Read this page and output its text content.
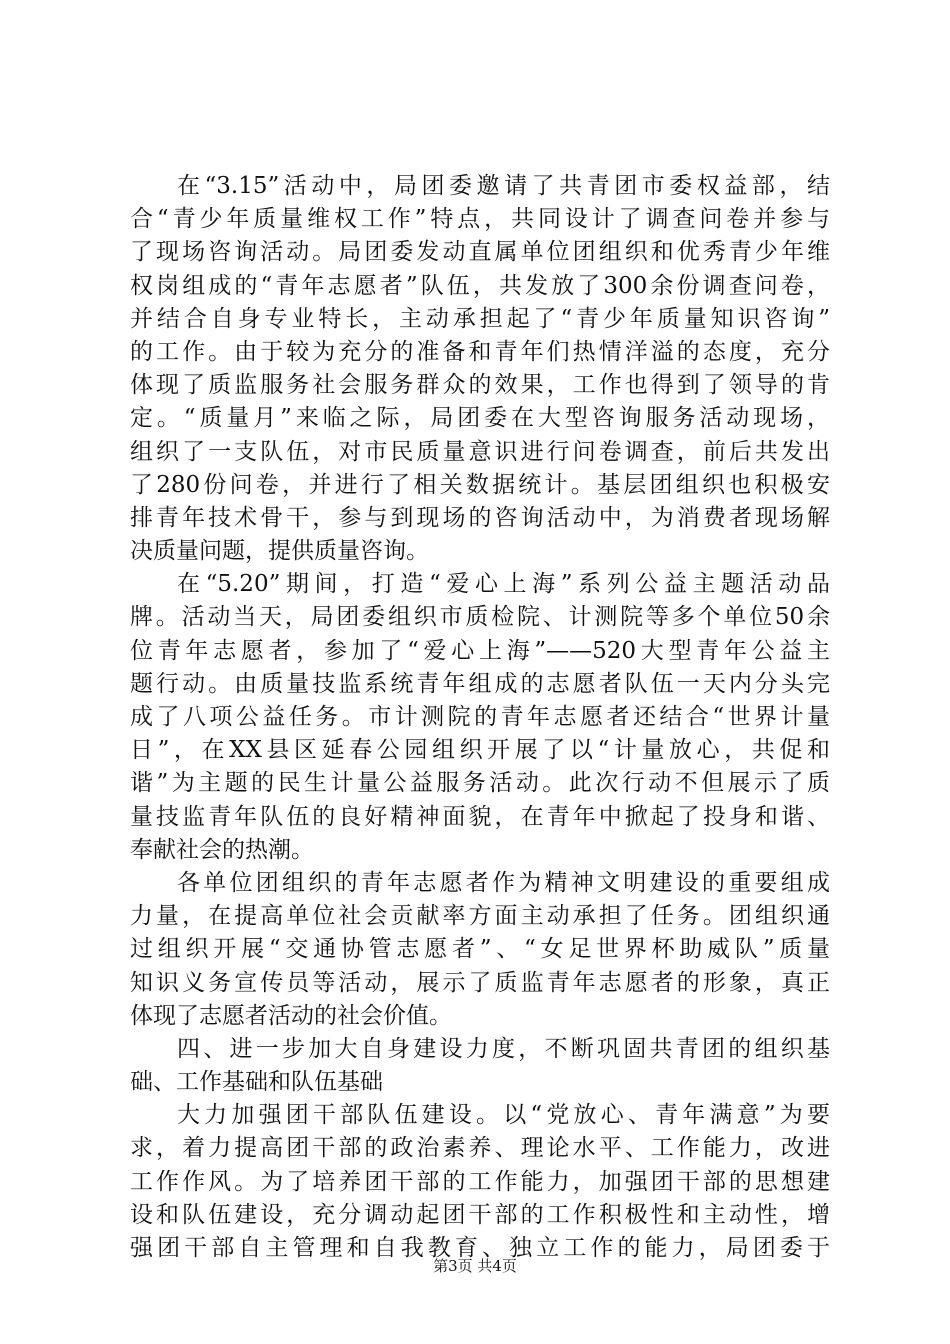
在“3.15”活动中，局团委邀请了共青团市委权益部，结
合“青少年质量维权工作”特点，共同设计了调查问卷并参与
了现场咨询活动。局团委发动直属单位团组织和优秀青少年维
权岗组成的“青年志愿者”队伍，共发放了300余份调查问卷，
并结合自身专业特长，主动承担起了“青少年质量知识咨询”
的工作。由于较为充分的准备和青年们热情洋溢的态度，充分
体现了质监服务社会服务群众的效果，工作也得到了领导的肯
定。“质量月”来临之际，局团委在大型咨询服务活动现场，
组织了一支队伍，对市民质量意识进行问卷调查，前后共发出
了280份问卷，并进行了相关数据统计。基层团组织也积极安
排青年技术骨干，参与到现场的咨询活动中，为消费者现场解
决质量问题，提供质量咨询。
在“5.20”期间，打造“爱心上海”系列公益主题活动品
牌。活动当天，局团委组织市质检院、计测院等多个单位50余
位青年志愿者，参加了“爱心上海”——520大型青年公益主
题行动。由质量技监系统青年组成的志愿者队伍一天内分头完
成了八项公益任务。市计测院的青年志愿者还结合“世界计量
日”，在XX县区延春公园组织开展了以“计量放心，共促和
谐”为主题的民生计量公益服务活动。此次行动不但展示了质
量技监青年队伍的良好精神面貌，在青年中掀起了投身和谐、
奉献社会的热潮。
各单位团组织的青年志愿者作为精神文明建设的重要组成
力量，在提高单位社会贡献率方面主动承担了任务。团组织通
过组织开展“交通协管志愿者”、“女足世界杯助威队”质量
知识义务宣传员等活动，展示了质监青年志愿者的形象，真正
体现了志愿者活动的社会价值。
四、进一步加大自身建设力度，不断巩固共青团的组织基
础、工作基础和队伍基础
大力加强团干部队伍建设。以“党放心、青年满意”为要
求，着力提高团干部的政治素养、理论水平、工作能力，改进
工作作风。为了培养团干部的工作能力，加强团干部的思想建
设和队伍建设，充分调动起团干部的工作积极性和主动性，增
强团干部自主管理和自我教育、独立工作的能力，局团委于
第3页 共4页
